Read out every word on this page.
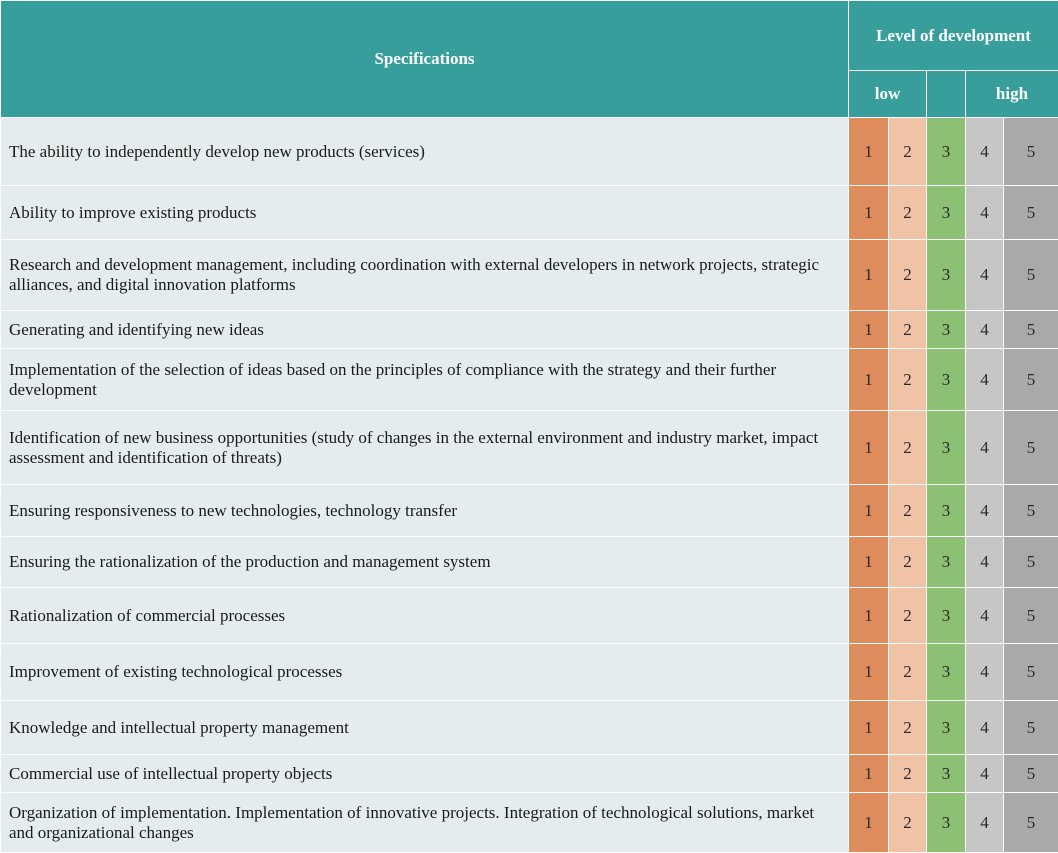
Specifications	Level of development				
	low			high	
The ability to independently develop new products (services)	1	2	3	4	5
Ability to improve existing products	1	2	3	4	5
Research and development management, including coordination with external developers in network projects, strategic alliances, and digital innovation platforms	1	2	3	4	5
Generating and identifying new ideas	1	2	3	4	5
Implementation of the selection of ideas based on the principles of compliance with the strategy and their further development	1	2	3	4	5
Identification of new business opportunities (study of changes in the external environment and industry market, impact assessment and identification of threats)	1	2	3	4	5
Ensuring responsiveness to new technologies, technology transfer	1	2	3	4	5
Ensuring the rationalization of the production and management system	1	2	3	4	5
Rationalization of commercial processes	1	2	3	4	5
Improvement of existing technological processes	1	2	3	4	5
Knowledge and intellectual property management	1	2	3	4	5
Commercial use of intellectual property objects	1	2	3	4	5
Organization of implementation. Implementation of innovative projects. Integration of technological solutions, market and organizational changes	1	2	3	4	5
